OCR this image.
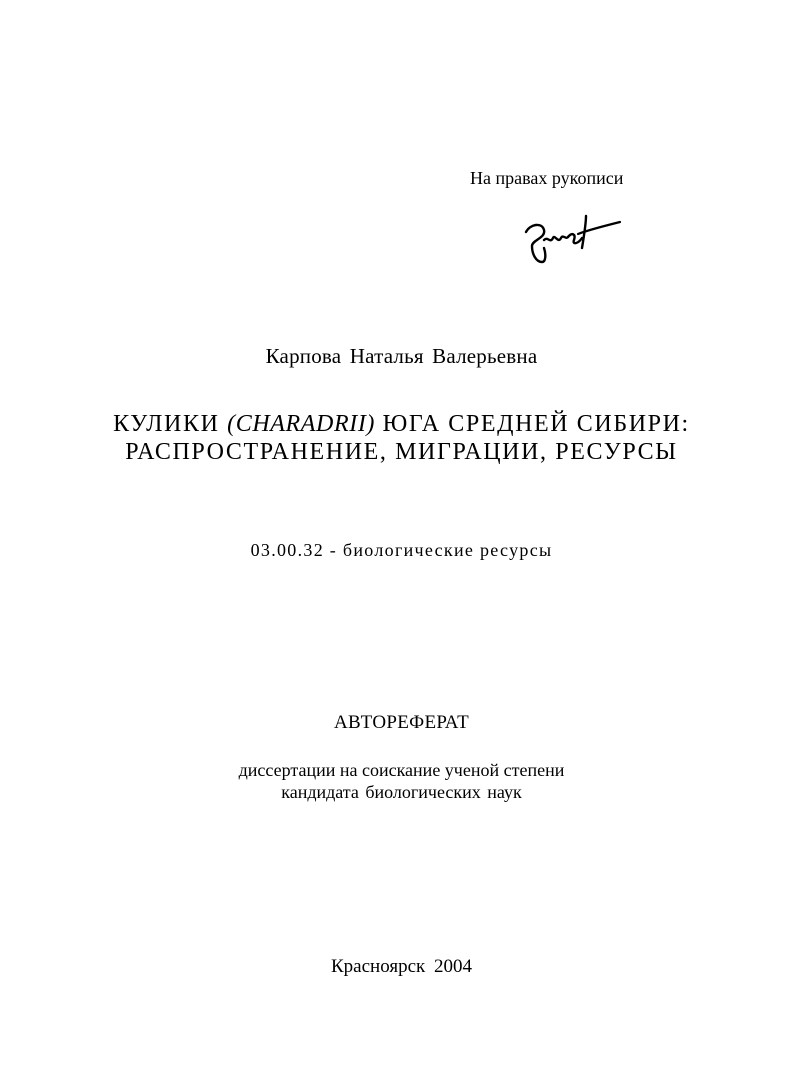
На правах рукописи

Карпова Наталья Валерьевна

КУЛИКИ (CHARADRII) ЮГА СРЕДНЕЙ СИБИРИ:

РАСПРОСТРАНЕНИЕ, МИГРАЦИИ, РЕСУРСЫ

03.00.32 - биологические ресурсы

АВТОРЕФЕРАТ

диссертации на соискание ученой степени

кандидата биологических наук

Красноярск 2004
